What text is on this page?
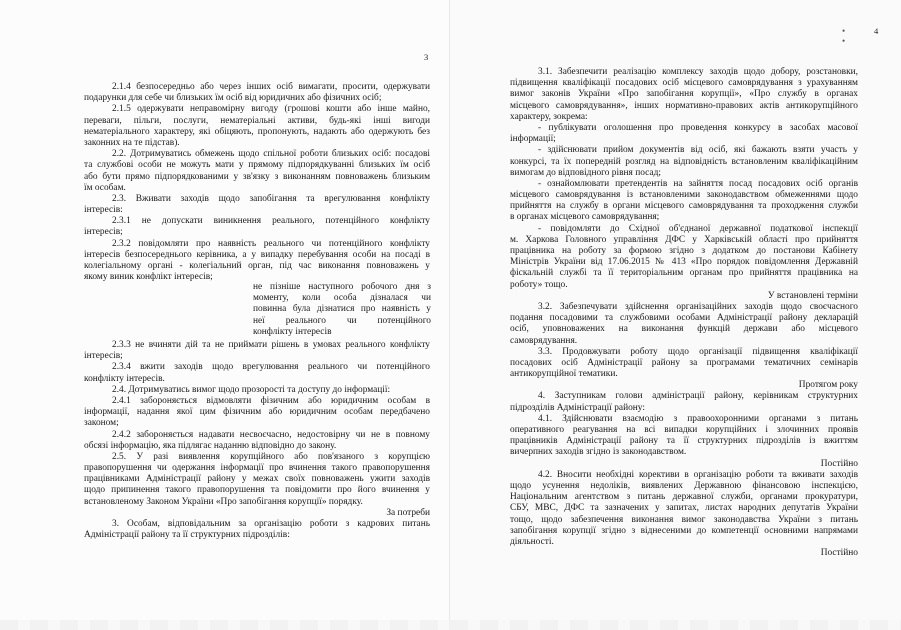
3
2.1.4 безпосередньо або через інших осіб вимагати, просити, одержувати
подарунки для себе чи близьких їм осіб від юридичних або фізичних осіб;
2.1.5 одержувати неправомірну вигоду (грошові кошти або інше майно,
переваги, пільги, послуги, нематеріальні активи, будь-які інші вигоди
нематеріального характеру, які обіцяють, пропонують, надають або одержують без
законних на те підстав).
2.2. Дотримуватись обмежень щодо спільної роботи близьких осіб: посадові
та службові особи не можуть мати у прямому підпорядкуванні близьких їм осіб
або бути прямо підпорядкованими у зв'язку з виконанням повноважень близьким
їм особам.
2.3. Вживати заходів щодо запобігання та врегулювання конфлікту
інтересів:
2.3.1 не допускати виникнення реального, потенційного конфлікту
інтересів;
2.3.2 повідомляти про наявність реального чи потенційного конфлікту
інтересів безпосереднього керівника, а у випадку перебування особи на посаді в
колегіальному органі - колегіальний орган, під час виконання повноважень у
якому виник конфлікт інтересів;
не пізніше наступного робочого дня з
моменту, коли особа дізналася чи
повинна була дізнатися про наявність у
неї реального чи потенційного
конфлікту інтересів
2.3.3 не вчиняти дій та не приймати рішень в умовах реального конфлікту
інтересів;
2.3.4 вжити заходів щодо врегулювання реального чи потенційного
конфлікту інтересів.
2.4. Дотримуватись вимог щодо прозорості та доступу до інформації:
2.4.1 забороняється відмовляти фізичним або юридичним особам в
інформації, надання якої цим фізичним або юридичним особам передбачено
законом;
2.4.2 забороняється надавати несвоєчасно, недостовірну чи не в повному
обсязі інформацію, яка підлягає наданню відповідно до закону.
2.5. У разі виявлення корупційного або пов'язаного з корупцією
правопорушення чи одержання інформації про вчинення такого правопорушення
працівниками Адміністрації району у межах своїх повноважень ужити заходів
щодо припинення такого правопорушення та повідомити про його вчинення у
встановленому Законом України «Про запобігання корупції» порядку.
За потреби
3. Особам, відповідальним за організацію роботи з кадрових питань
Адміністрації району та її структурних підрозділів:
4
3.1. Забезпечити реалізацію комплексу заходів щодо добору, розстановки,
підвищення кваліфікації посадових осіб місцевого самоврядування з урахуванням
вимог законів України «Про запобігання корупції», «Про службу в органах
місцевого самоврядування», інших нормативно-правових актів антикорупційного
характеру, зокрема:
- публікувати оголошення про проведення конкурсу в засобах масової
інформації;
- здійснювати прийом документів від осіб, які бажають взяти участь у
конкурсі, та їх попередній розгляд на відповідність встановленим кваліфікаційним
вимогам до відповідного рівня посад;
- ознайомлювати претендентів на зайняття посад посадових осіб органів
місцевого самоврядування із встановленими законодавством обмеженнями щодо
прийняття на службу в органи місцевого самоврядування та проходження служби
в органах місцевого самоврядування;
- повідомляти до Східної об'єднаної державної податкової інспекції
м. Харкова Головного управління ДФС у Харківській області про прийняття
працівника на роботу за формою згідно з додатком до постанови Кабінету
Міністрів України від 17.06.2015 № 413 «Про порядок повідомлення Державній
фіскальній службі та її територіальним органам про прийняття працівника на
роботу» тощо.
У встановлені терміни
3.2. Забезпечувати здійснення організаційних заходів щодо своєчасного
подання посадовими та службовими особами Адміністрації району декларацій
осіб, уповноважених на виконання функцій держави або місцевого
самоврядування.
3.3. Продовжувати роботу щодо організації підвищення кваліфікації
посадових осіб Адміністрації району за програмами тематичних семінарів
антикорупційної тематики.
Протягом року
4. Заступникам голови адміністрації району, керівникам структурних
підрозділів Адміністрації району:
4.1. Здійснювати взаємодію з правоохоронними органами з питань
оперативного реагування на всі випадки корупційних і злочинних проявів
працівників Адміністрації району та її структурних підрозділів із вжиттям
вичерпних заходів згідно із законодавством.
Постійно
4.2. Вносити необхідні корективи в організацію роботи та вживати заходів
щодо усунення недоліків, виявлених Державною фінансовою інспекцією,
Національним агентством з питань державної служби, органами прокуратури,
СБУ, МВС, ДФС та зазначених у запитах, листах народних депутатів України
тощо, щодо забезпечення виконання вимог законодавства України з питань
запобігання корупції згідно з віднесеними до компетенції основними напрямами
діяльності.
Постійно
• •
